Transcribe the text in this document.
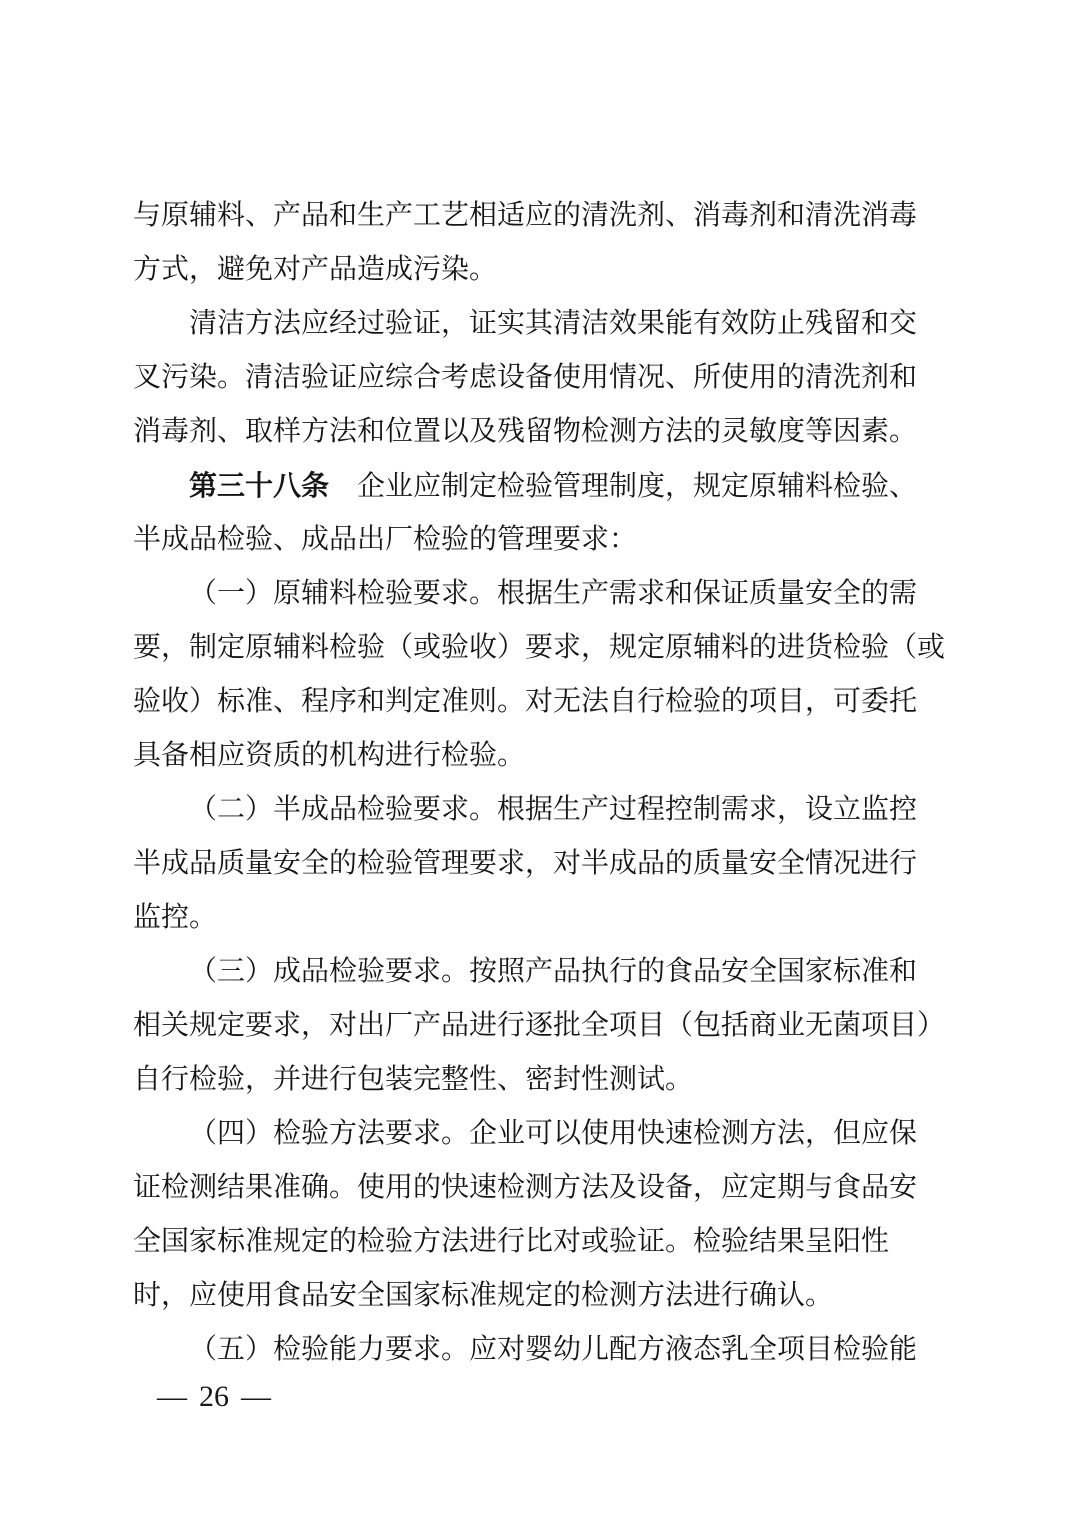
与原辅料、产品和生产工艺相适应的清洗剂、消毒剂和清洗消毒
方式，避免对产品造成污染。
清洁方法应经过验证，证实其清洁效果能有效防止残留和交
叉污染。清洁验证应综合考虑设备使用情况、所使用的清洗剂和
消毒剂、取样方法和位置以及残留物检测方法的灵敏度等因素。
第三十八条　企业应制定检验管理制度，规定原辅料检验、
半成品检验、成品出厂检验的管理要求：
（一）原辅料检验要求。根据生产需求和保证质量安全的需
要，制定原辅料检验（或验收）要求，规定原辅料的进货检验（或
验收）标准、程序和判定准则。对无法自行检验的项目，可委托
具备相应资质的机构进行检验。
（二）半成品检验要求。根据生产过程控制需求，设立监控
半成品质量安全的检验管理要求，对半成品的质量安全情况进行
监控。
（三）成品检验要求。按照产品执行的食品安全国家标准和
相关规定要求，对出厂产品进行逐批全项目（包括商业无菌项目）
自行检验，并进行包装完整性、密封性测试。
（四）检验方法要求。企业可以使用快速检测方法，但应保
证检测结果准确。使用的快速检测方法及设备，应定期与食品安
全国家标准规定的检验方法进行比对或验证。检验结果呈阳性
时，应使用食品安全国家标准规定的检测方法进行确认。
（五）检验能力要求。应对婴幼儿配方液态乳全项目检验能
— 26 —
